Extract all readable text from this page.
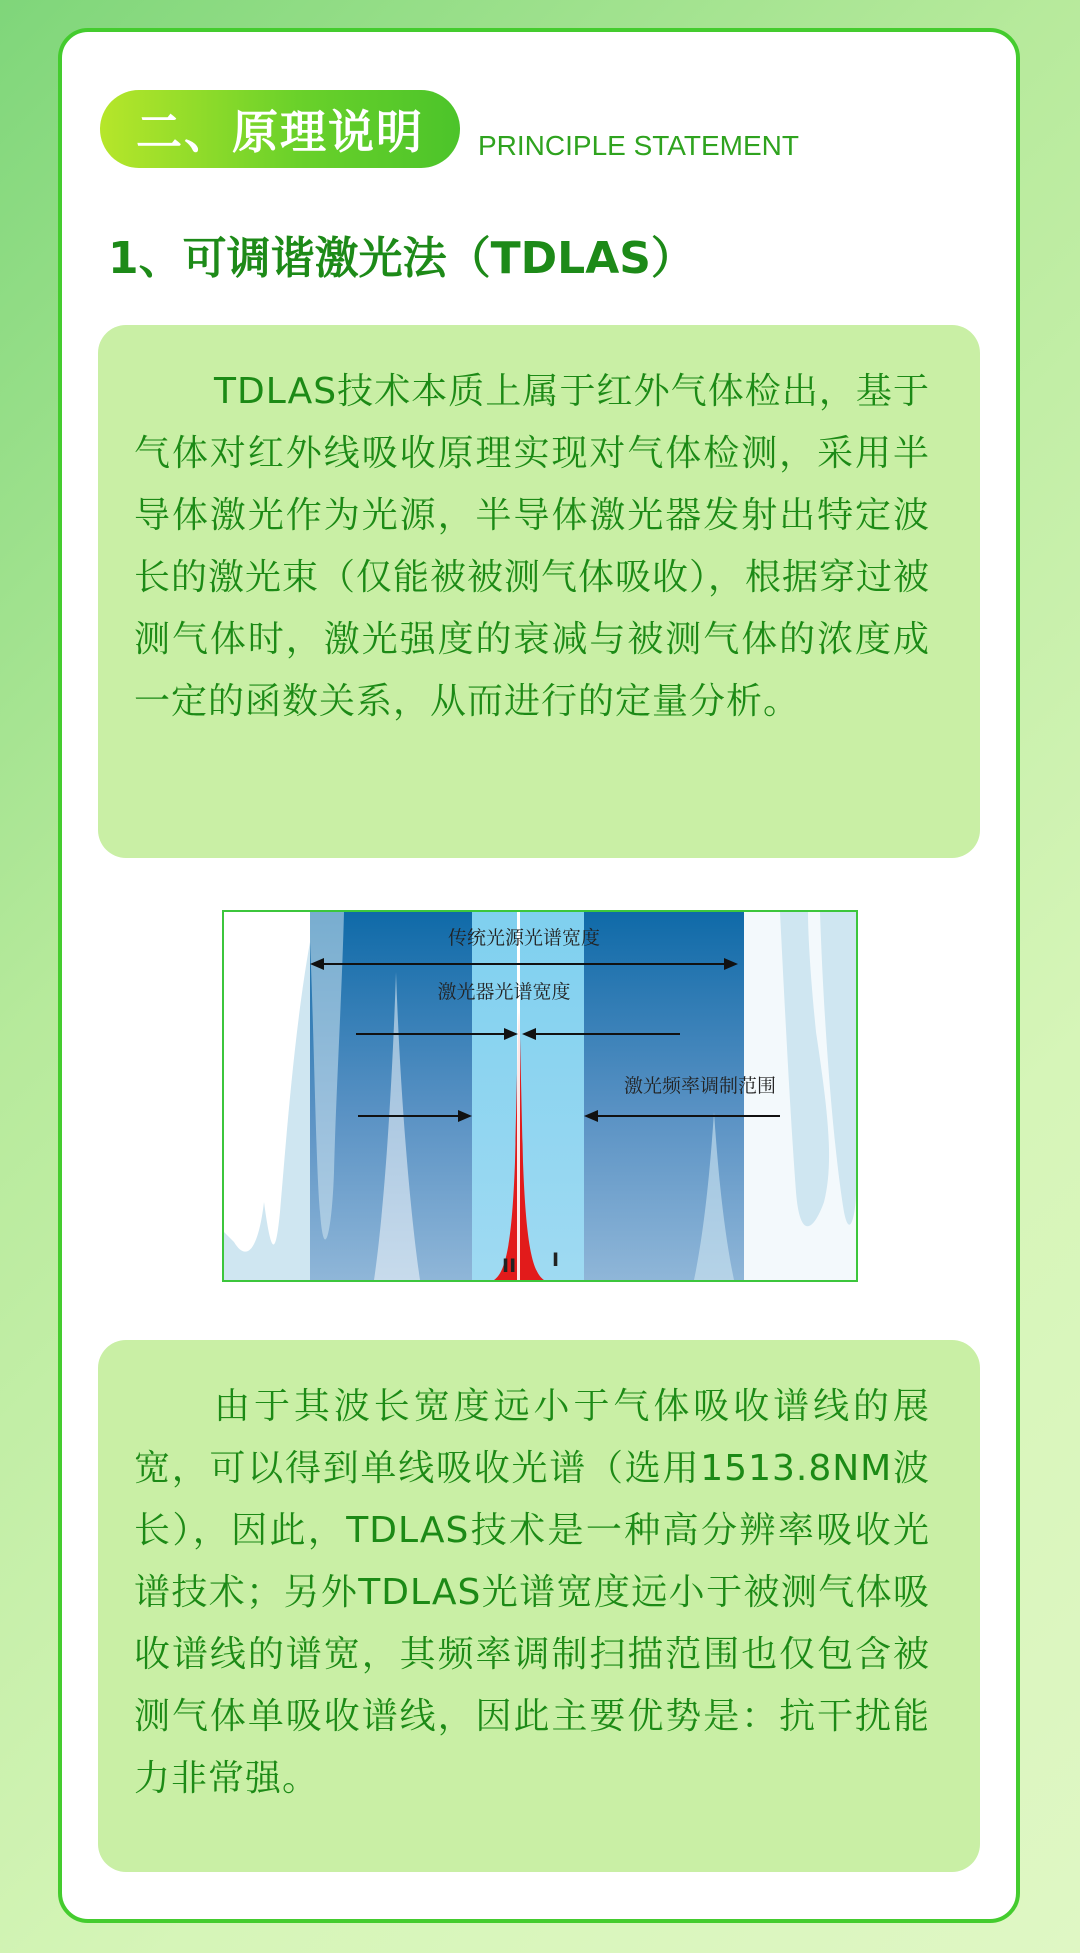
二、原理说明 PRINCIPLE STATEMENT
1、可调谐激光法（TDLAS）

TDLAS技术本质上属于红外气体检出，基于气体对红外线吸收原理实现对气体检测，采用半导体激光作为光源，半导体激光器发射出特定波长的激光束（仅能被被测气体吸收），根据穿过被测气体时，激光强度的衰减与被测气体的浓度成一定的函数关系，从而进行的定量分析。

传统光源光谱宽度
激光器光谱宽度
激光频率调制范围
II I

由于其波长宽度远小于气体吸收谱线的展宽，可以得到单线吸收光谱（选用1513.8NM波长），因此，TDLAS技术是一种高分辨率吸收光谱技术；另外TDLAS光谱宽度远小于被测气体吸收谱线的谱宽，其频率调制扫描范围也仅包含被测气体单吸收谱线，因此主要优势是：抗干扰能力非常强。
